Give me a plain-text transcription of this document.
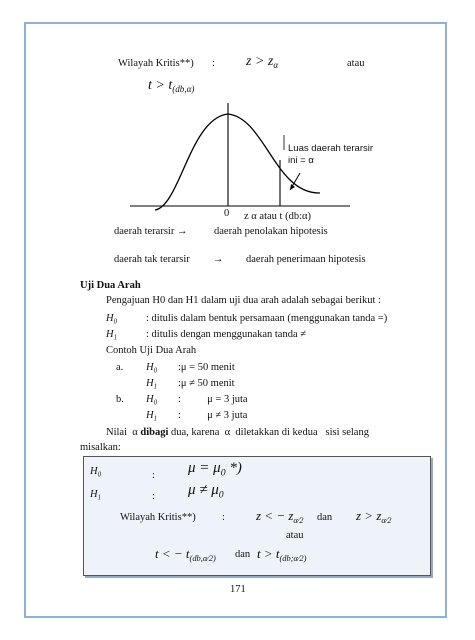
Wilayah Kritis**) : $z > z_\alpha$	atau
$t > t_{(db,\alpha)}$
Luas daerah terarsir
ini = α
0 z α atau t (db:α)
daerah terarsir →	daerah penolakan hipotesis
daerah tak terarsir → daerah penerimaan hipotesis
Uji Dua Arah
Pengajuan H0 dan H1 dalam uji dua arah adalah sebagai berikut :
$H_0$	: ditulis dalam bentuk persamaan (menggunakan tanda =)
$H_1$	: ditulis dengan menggunakan tanda ≠
Contoh Uji Dua Arah
a. $H_0$ :μ = 50 menit
$H_1$ :μ ≠ 50 menit
b. $H_0$ :          μ = 3 juta
$H_1$ :          μ ≠ 3 juta
Nilai  α dibagi dua, karena  α  diletakkan di kedua   sisi selang
misalkan:
$H_0$	: $\mu = \mu_0$ *)
$H_1$	: $\mu \ne \mu_0$
Wilayah Kritis**)	: z < − $z_{\alpha⁄2}$ dan $z > z_{\alpha⁄2}$
atau
t < − $t_{(db,\alpha⁄2)}$ dan $t > t_{(db;\alpha⁄2)}$
171
